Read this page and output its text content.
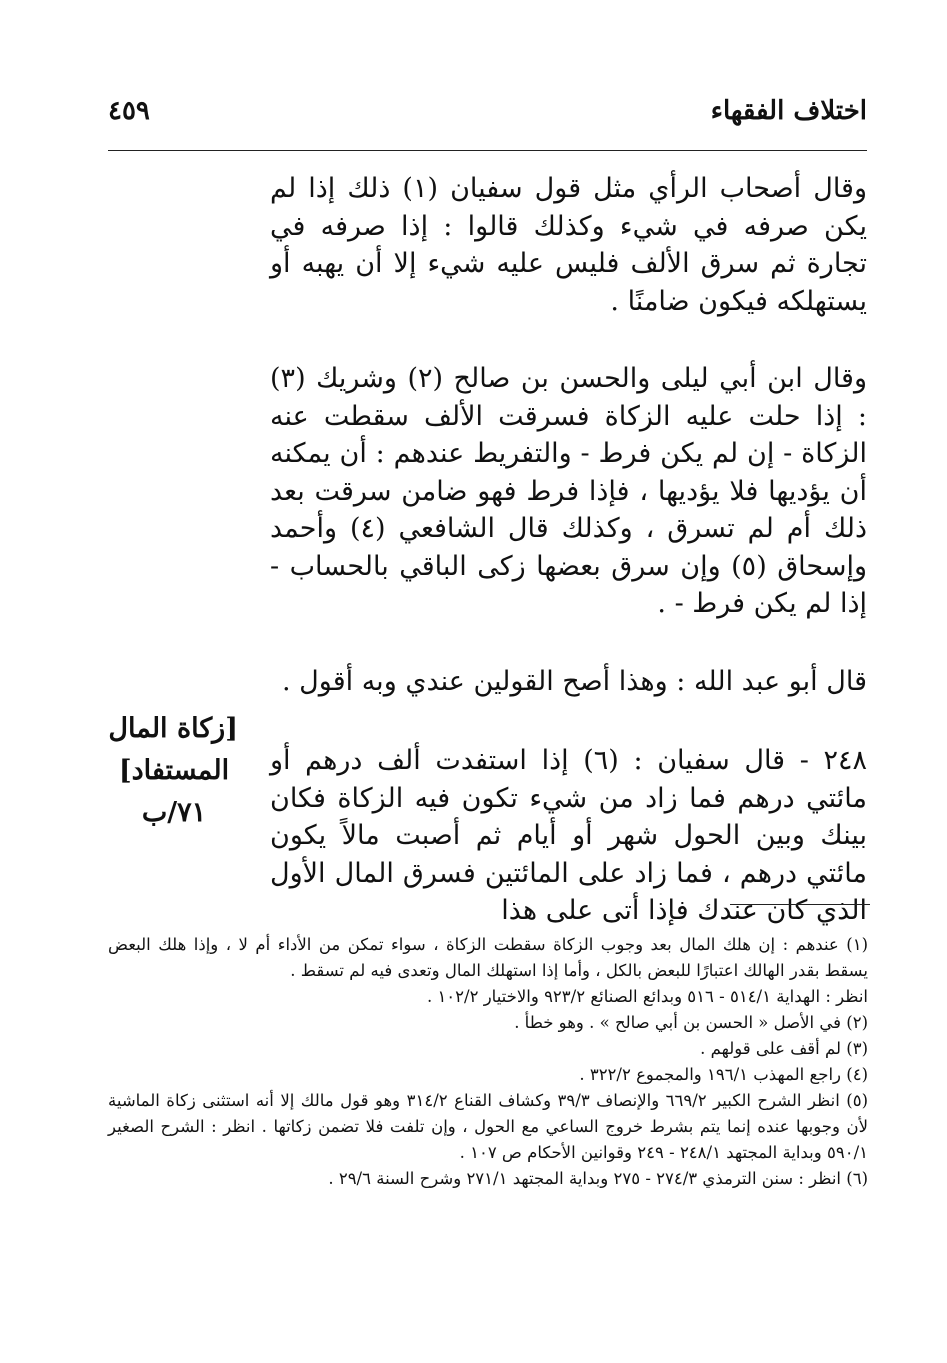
اختلاف الفقهاء
٤٥٩

وقال أصحاب الرأي مثل قول سفيان (١) ذلك إذا لم يكن صرفه في شيء وكذلك قالوا : إذا صرفه في تجارة ثم سرق الألف فليس عليه شيء إلا أن يهبه أو يستهلكه فيكون ضامنًا .

وقال ابن أبي ليلى والحسن بن صالح (٢) وشريك (٣) : إذا حلت عليه الزكاة فسرقت الألف سقطت عنه الزكاة - إن لم يكن فرط - والتفريط عندهم : أن يمكنه أن يؤديها فلا يؤديها ، فإذا فرط فهو ضامن سرقت بعد ذلك أم لم تسرق ، وكذلك قال الشافعي (٤) وأحمد وإسحاق (٥) وإن سرق بعضها زكى الباقي بالحساب - إذا لم يكن فرط - .

قال أبو عبد الله : وهذا أصح القولين عندي وبه أقول .

٢٤٨ - قال سفيان : (٦) إذا استفدت ألف درهم أو مائتي درهم فما زاد من شيء تكون فيه الزكاة فكان بينك وبين الحول شهر أو أيام ثم أصبت مالاً يكون مائتي درهم ، فما زاد على المائتين فسرق المال الأول الذي كان عندك فإذا أتى على هذا

[زكاة المال
المستفاد]
٧١/ب

(١) عندهم : إن هلك المال بعد وجوب الزكاة سقطت الزكاة ، سواء تمكن من الأداء أم لا ، وإذا هلك البعض يسقط بقدر الهالك اعتبارًا للبعض بالكل ، وأما إذا استهلك المال وتعدى فيه لم تسقط .

انظر : الهداية ٥١٤/١ - ٥١٦ وبدائع الصنائع ٩٢٣/٢ والاختيار ١٠٢/٢ .

(٢) في الأصل « الحسن بن أبي صالح » . وهو خطأ .

(٣) لم أقف على قولهم .

(٤) راجع المهذب ١٩٦/١ والمجموع ٣٢٢/٢ .

(٥) انظر الشرح الكبير ٦٦٩/٢ والإنصاف ٣٩/٣ وكشاف القناع ٣١٤/٢ وهو قول مالك إلا أنه استثنى زكاة الماشية لأن وجوبها عنده إنما يتم بشرط خروج الساعي مع الحول ، وإن تلفت فلا تضمن زكاتها . انظر : الشرح الصغير ٥٩٠/١ وبداية المجتهد ٢٤٨/١ - ٢٤٩ وقوانين الأحكام ص ١٠٧ .

(٦) انظر : سنن الترمذي ٢٧٤/٣ - ٢٧٥ وبداية المجتهد ٢٧١/١ وشرح السنة ٢٩/٦ .
